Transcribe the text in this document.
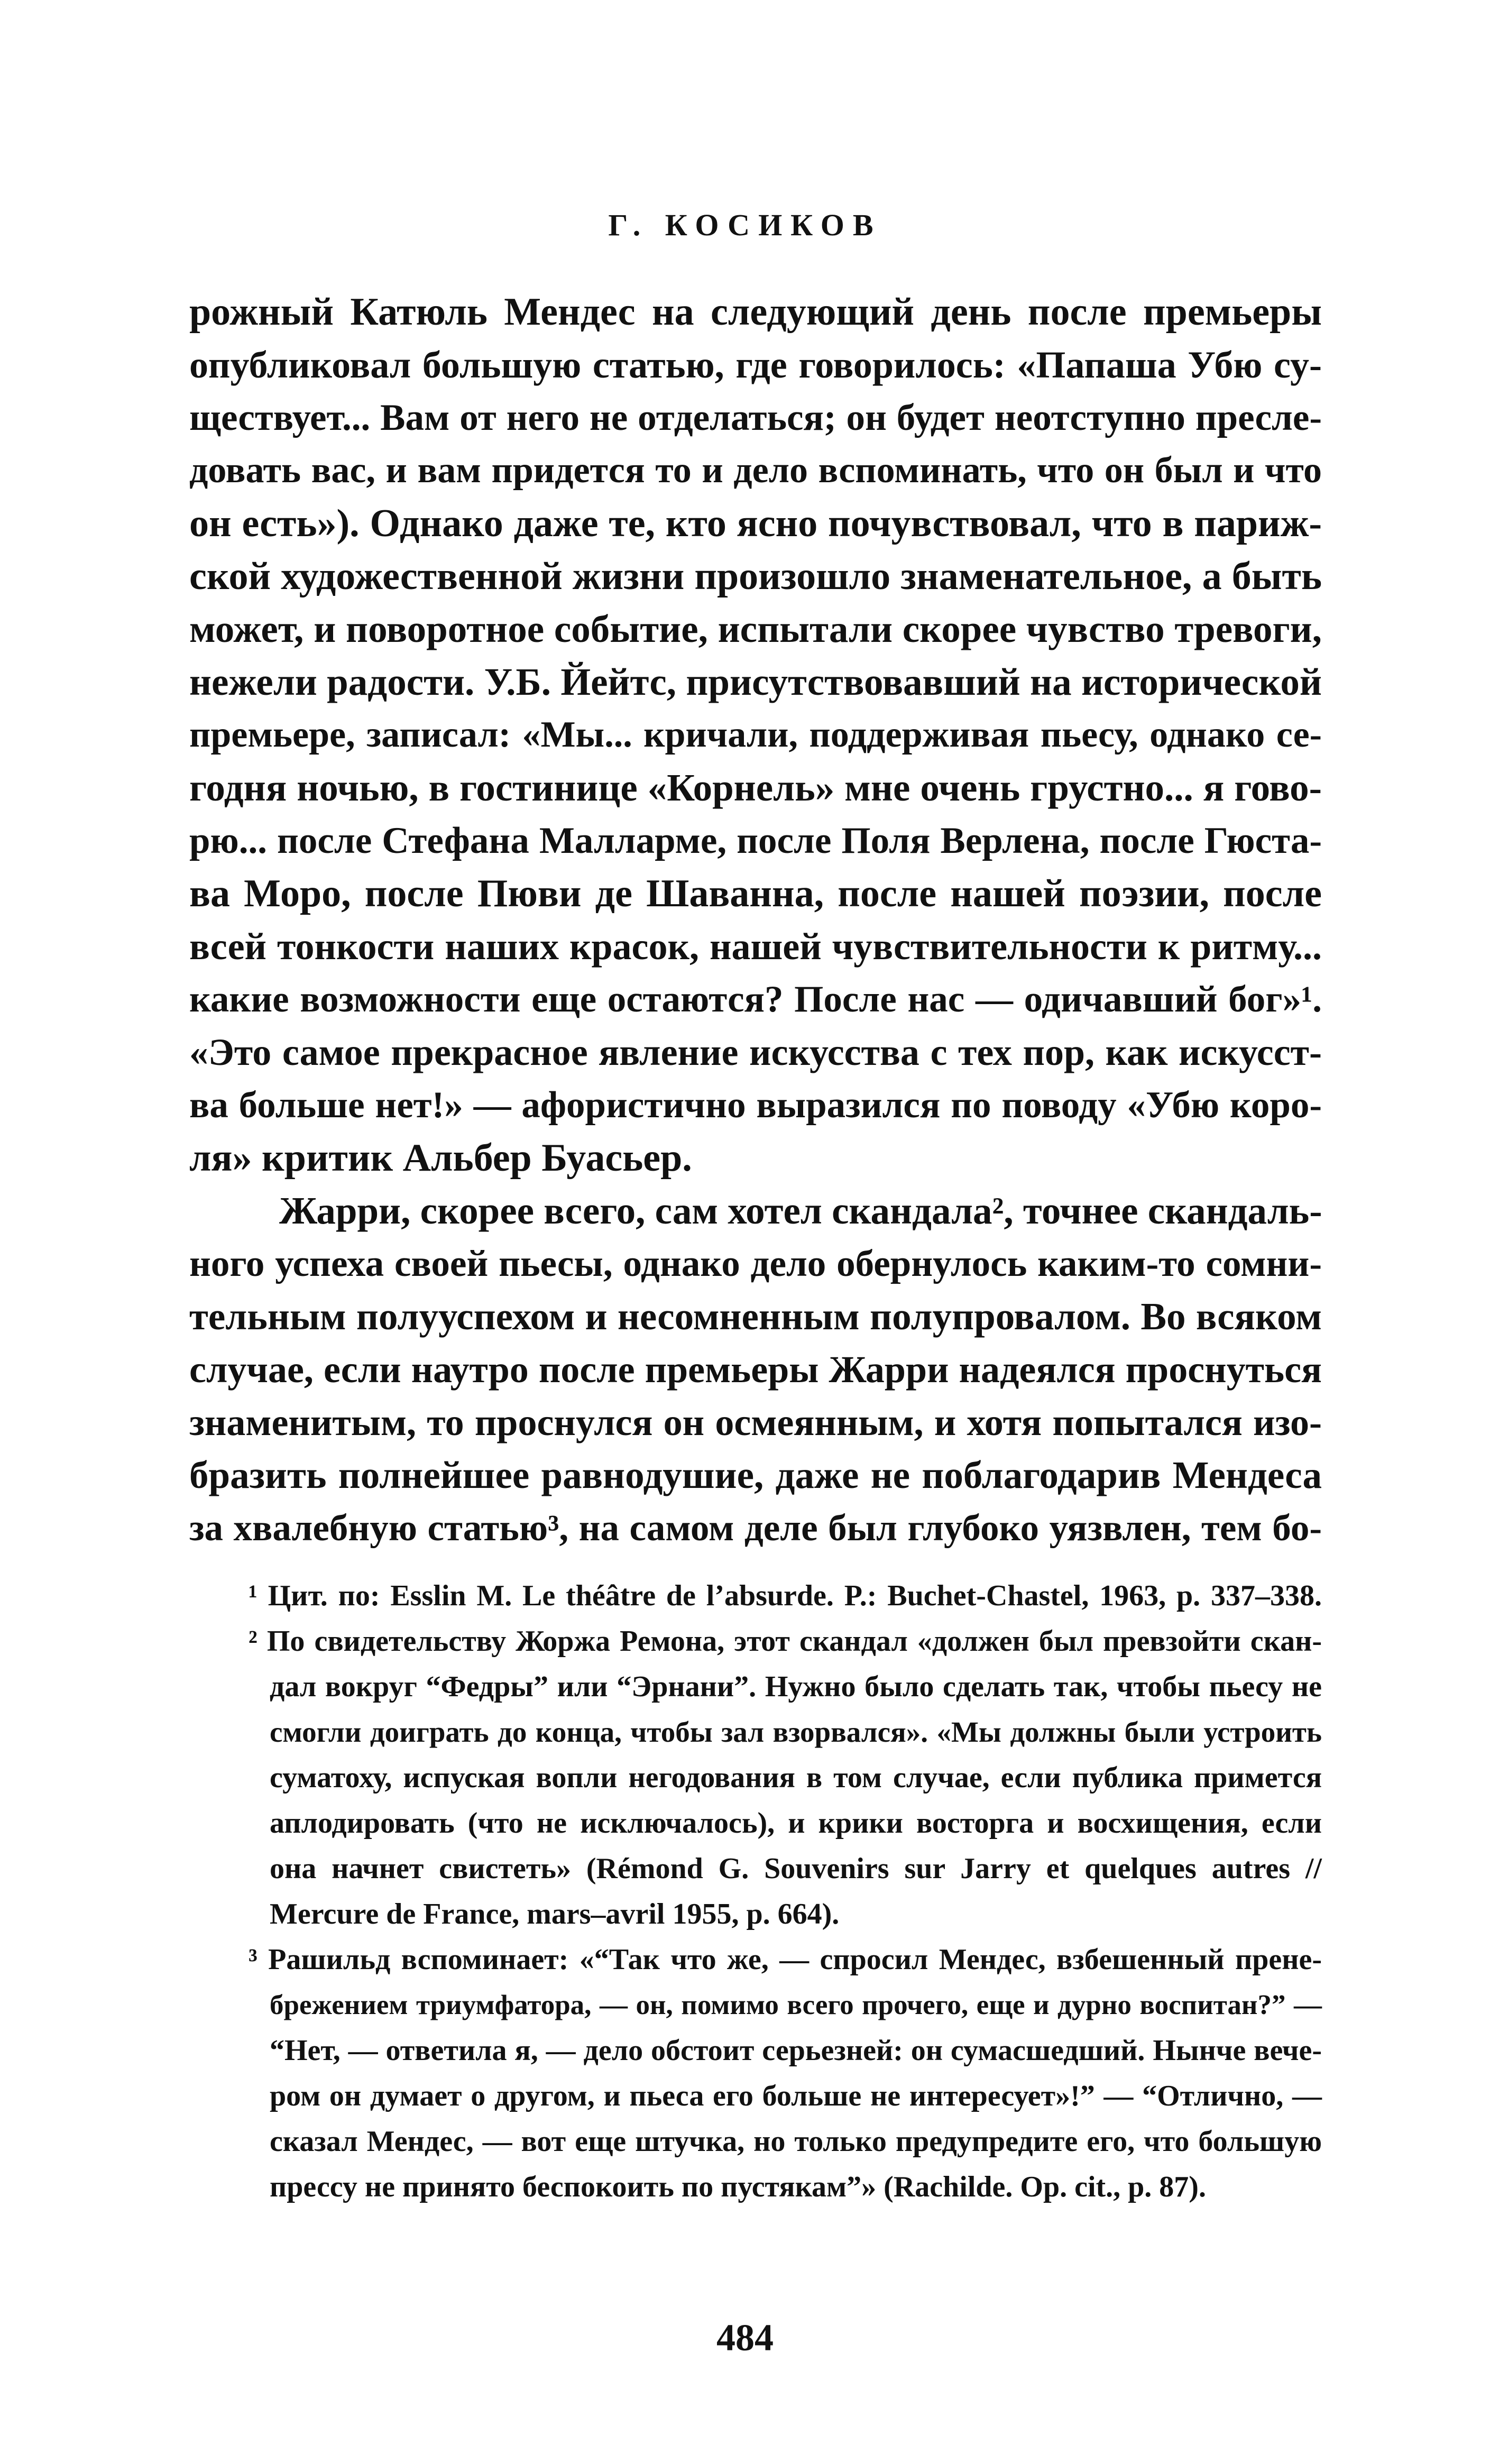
Г. КОСИКОВ
рожный Катюль Мендес на следующий день после премьеры
опубликовал большую статью, где говорилось: «Папаша Убю су-
ществует... Вам от него не отделаться; он будет неотступно пресле-
довать вас, и вам придется то и дело вспоминать, что он был и что
он есть»). Однако даже те, кто ясно почувствовал, что в париж-
ской художественной жизни произошло знаменательное, а быть
может, и поворотное событие, испытали скорее чувство тревоги,
нежели радости. У.Б. Йейтс, присутствовавший на исторической
премьере, записал: «Мы... кричали, поддерживая пьесу, однако се-
годня ночью, в гостинице «Корнель» мне очень грустно... я гово-
рю... после Стефана Малларме, после Поля Верлена, после Гюста-
ва Моро, после Пюви де Шаванна, после нашей поэзии, после
всей тонкости наших красок, нашей чувствительности к ритму...
какие возможности еще остаются? После нас — одичавший бог»¹.
«Это самое прекрасное явление искусства с тех пор, как искусст-
ва больше нет!» — афористично выразился по поводу «Убю коро-
ля» критик Альбер Буасьер.
Жарри, скорее всего, сам хотел скандала², точнее скандаль-
ного успеха своей пьесы, однако дело обернулось каким-то сомни-
тельным полууспехом и несомненным полупровалом. Во всяком
случае, если наутро после премьеры Жарри надеялся проснуться
знаменитым, то проснулся он осмеянным, и хотя попытался изо-
бразить полнейшее равнодушие, даже не поблагодарив Мендеса
за хвалебную статью³, на самом деле был глубоко уязвлен, тем бо-
¹ Цит. по: Esslin M. Le théâtre de l’absurde. P.: Buchet-Chastel, 1963, p. 337–338.
² По свидетельству Жоржа Ремона, этот скандал «должен был превзойти скан-
дал вокруг “Федры” или “Эрнани”. Нужно было сделать так, чтобы пьесу не
смогли доиграть до конца, чтобы зал взорвался». «Мы должны были устроить
суматоху, испуская вопли негодования в том случае, если публика примется
аплодировать (что не исключалось), и крики восторга и восхищения, если
она начнет свистеть» (Rémond G. Souvenirs sur Jarry et quelques autres //
Mercure de France, mars–avril 1955, p. 664).
³ Рашильд вспоминает: «“Так что же, — спросил Мендес, взбешенный прене-
брежением триумфатора, — он, помимо всего прочего, еще и дурно воспитан?” —
“Нет, — ответила я, — дело обстоит серьезней: он сумасшедший. Нынче вече-
ром он думает о другом, и пьеса его больше не интересует»!” — “Отлично, —
сказал Мендес, — вот еще штучка, но только предупредите его, что большую
прессу не принято беспокоить по пустякам”» (Rachilde. Op. cit., p. 87).
484
